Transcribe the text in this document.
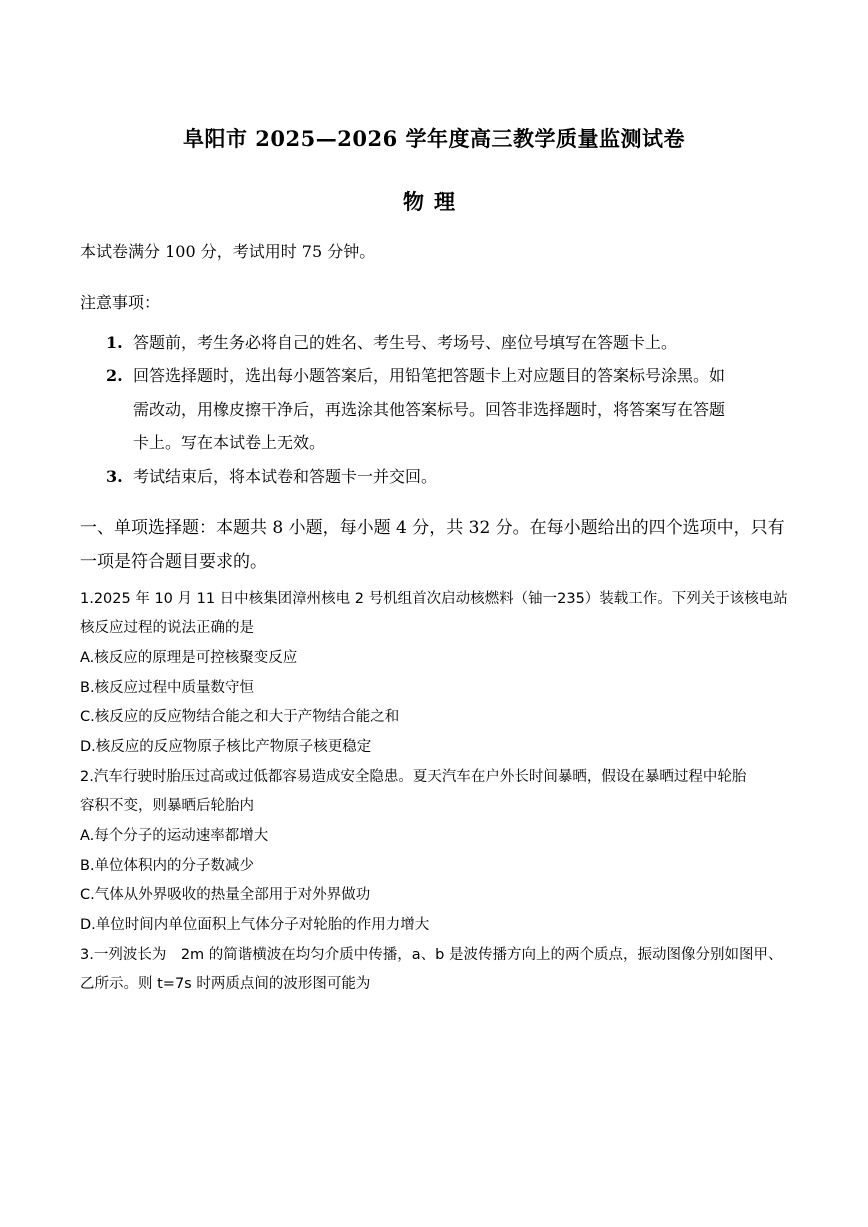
阜阳市 2025—2026 学年度高三教学质量监测试卷
物理
本试卷满分 100 分，考试用时 75 分钟。
注意事项：
1. 答题前，考生务必将自己的姓名、考生号、考场号、座位号填写在答题卡上。
2. 回答选择题时，选出每小题答案后，用铅笔把答题卡上对应题目的答案标号涂黑。如
需改动，用橡皮擦干净后，再选涂其他答案标号。回答非选择题时，将答案写在答题
卡上。写在本试卷上无效。
3. 考试结束后，将本试卷和答题卡一并交回。
一、单项选择题：本题共 8 小题，每小题 4 分，共 32 分。在每小题给出的四个选项中，只有
一项是符合题目要求的。
1.2025 年 10 月 11 日中核集团漳州核电 2 号机组首次启动核燃料（铀一235）装载工作。下列关于该核电站
核反应过程的说法正确的是
A.核反应的原理是可控核聚变反应
B.核反应过程中质量数守恒
C.核反应的反应物结合能之和大于产物结合能之和
D.核反应的反应物原子核比产物原子核更稳定
2.汽车行驶时胎压过高或过低都容易造成安全隐患。夏天汽车在户外长时间暴晒，假设在暴晒过程中轮胎
容积不变，则暴晒后轮胎内
A.每个分子的运动速率都增大
B.单位体积内的分子数减少
C.气体从外界吸收的热量全部用于对外界做功
D.单位时间内单位面积上气体分子对轮胎的作用力增大
3.一列波长为　2m 的简谐横波在均匀介质中传播，a、b 是波传播方向上的两个质点，振动图像分别如图甲、
乙所示。则 t=7s 时两质点间的波形图可能为
